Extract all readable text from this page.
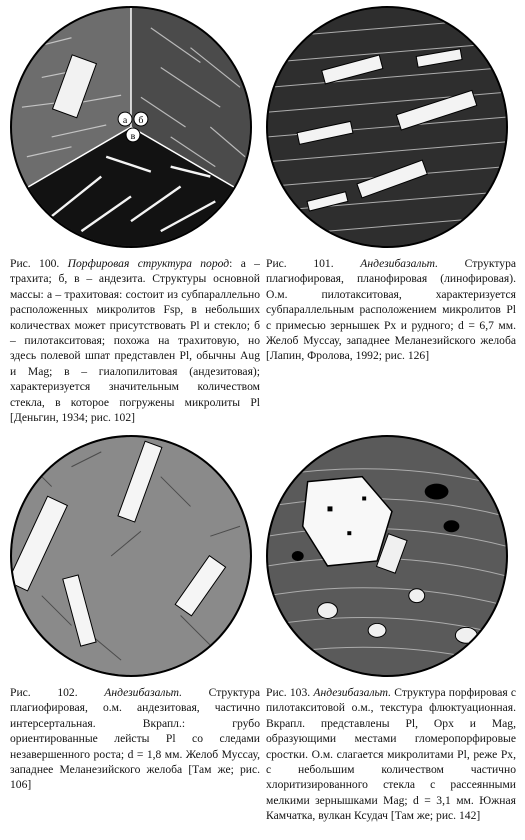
а б
в
Рис. 100. Порфировая структура пород: а – трахита; б, в – андезита. Структуры основной массы: а – трахитовая: состоит из субпараллельно расположенных микролитов Fsp, в небольших количествах может присутствовать Pl и стекло; б – пилотакситовая; похожа на трахитовую, но здесь полевой шпат представлен Pl, обычны Aug и Mag; в – гиалопилитовая (андезитовая); характеризуется значительным количеством стекла, в которое погружены микролиты Pl [Деньгин, 1934; рис. 102]
Рис. 101. Андезибазальт. Структура плагиофировая, планофировая (линофировая). О.м. пилотакситовая, характеризуется субпараллельным расположением микролитов Pl с примесью зернышек Px и рудного; d = 6,7 мм. Желоб Муссау, западнее Меланезийского желоба [Лапин, Фролова, 1992; рис. 126]
Рис. 102. Андезибазальт. Структура плагиофировая, о.м. андезитовая, частично интерсертальная. Вкрапл.: грубо ориентированные лейсты Pl со следами незавершенного роста; d = 1,8 мм. Желоб Муссау, западнее Меланезийского желоба [Там же; рис. 106]
Рис. 103. Андезибазальт. Структура порфировая с пилотакситовой о.м., текстура флюктуационная. Вкрапл. представлены Pl, Opx и Mag, образующими местами гломеропорфировые сростки. О.м. слагается микролитами Pl, реже Px, с небольшим количеством частично хлоритизированного стекла с рассеянными мелкими зернышками Mag; d = 3,1 мм. Южная Камчатка, вулкан Ксудач [Там же; рис. 142]
